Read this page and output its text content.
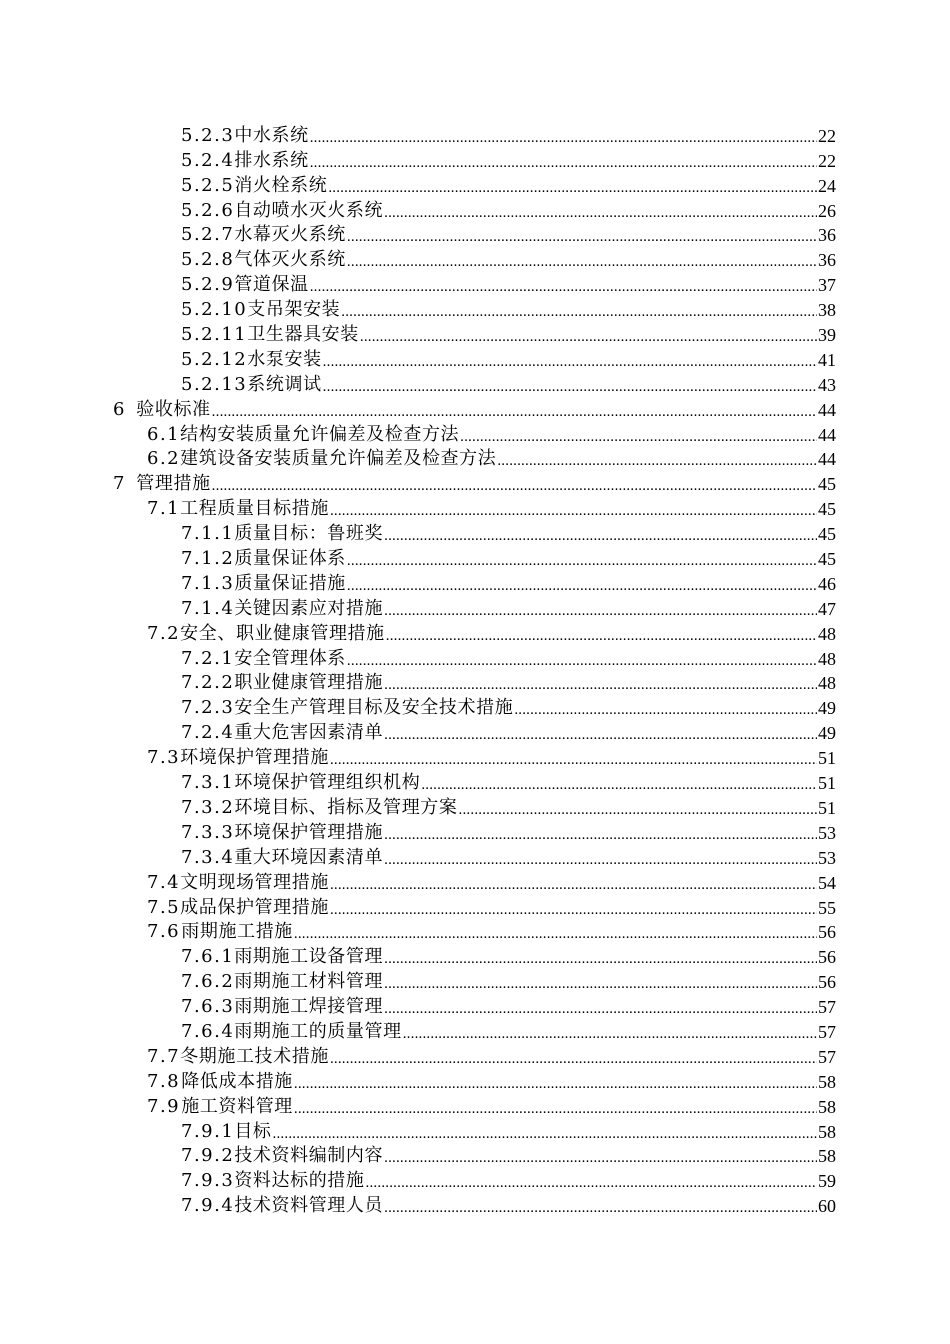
5.2.3 中水系统 .....	22
5.2.4 排水系统 .....	22
5.2.5 消火栓系统 .....	24
5.2.6 自动喷水灭火系统 .....	26
5.2.7 水幕灭火系统 .....	36
5.2.8 气体灭火系统 .....	36
5.2.9 管道保温 .....	37
5.2.10 支吊架安装 .....	38
5.2.11 卫生器具安装 .....	39
5.2.12 水泵安装 .....	41
5.2.13 系统调试 .....	43
6 验收标准 .....	44
6.1 结构安装质量允许偏差及检查方法 .....	44
6.2 建筑设备安装质量允许偏差及检查方法 .....	44
7 管理措施 .....	45
7.1 工程质量目标措施 .....	45
7.1.1 质量目标：鲁班奖 .....	45
7.1.2 质量保证体系 .....	45
7.1.3 质量保证措施 .....	46
7.1.4 关键因素应对措施 .....	47
7.2 安全、职业健康管理措施 .....	48
7.2.1 安全管理体系 .....	48
7.2.2 职业健康管理措施 .....	48
7.2.3 安全生产管理目标及安全技术措施 .....	49
7.2.4 重大危害因素清单 .....	49
7.3 环境保护管理措施 .....	51
7.3.1 环境保护管理组织机构 .....	51
7.3.2 环境目标、指标及管理方案 .....	51
7.3.3 环境保护管理措施 .....	53
7.3.4 重大环境因素清单 .....	53
7.4 文明现场管理措施 .....	54
7.5 成品保护管理措施 .....	55
7.6 雨期施工措施 .....	56
7.6.1 雨期施工设备管理 .....	56
7.6.2 雨期施工材料管理 .....	56
7.6.3 雨期施工焊接管理 .....	57
7.6.4 雨期施工的质量管理 .....	57
7.7 冬期施工技术措施 .....	57
7.8 降低成本措施 .....	58
7.9 施工资料管理 .....	58
7.9.1 目标 .....	58
7.9.2 技术资料编制内容 .....	58
7.9.3 资料达标的措施 .....	59
7.9.4 技术资料管理人员 .....	60
